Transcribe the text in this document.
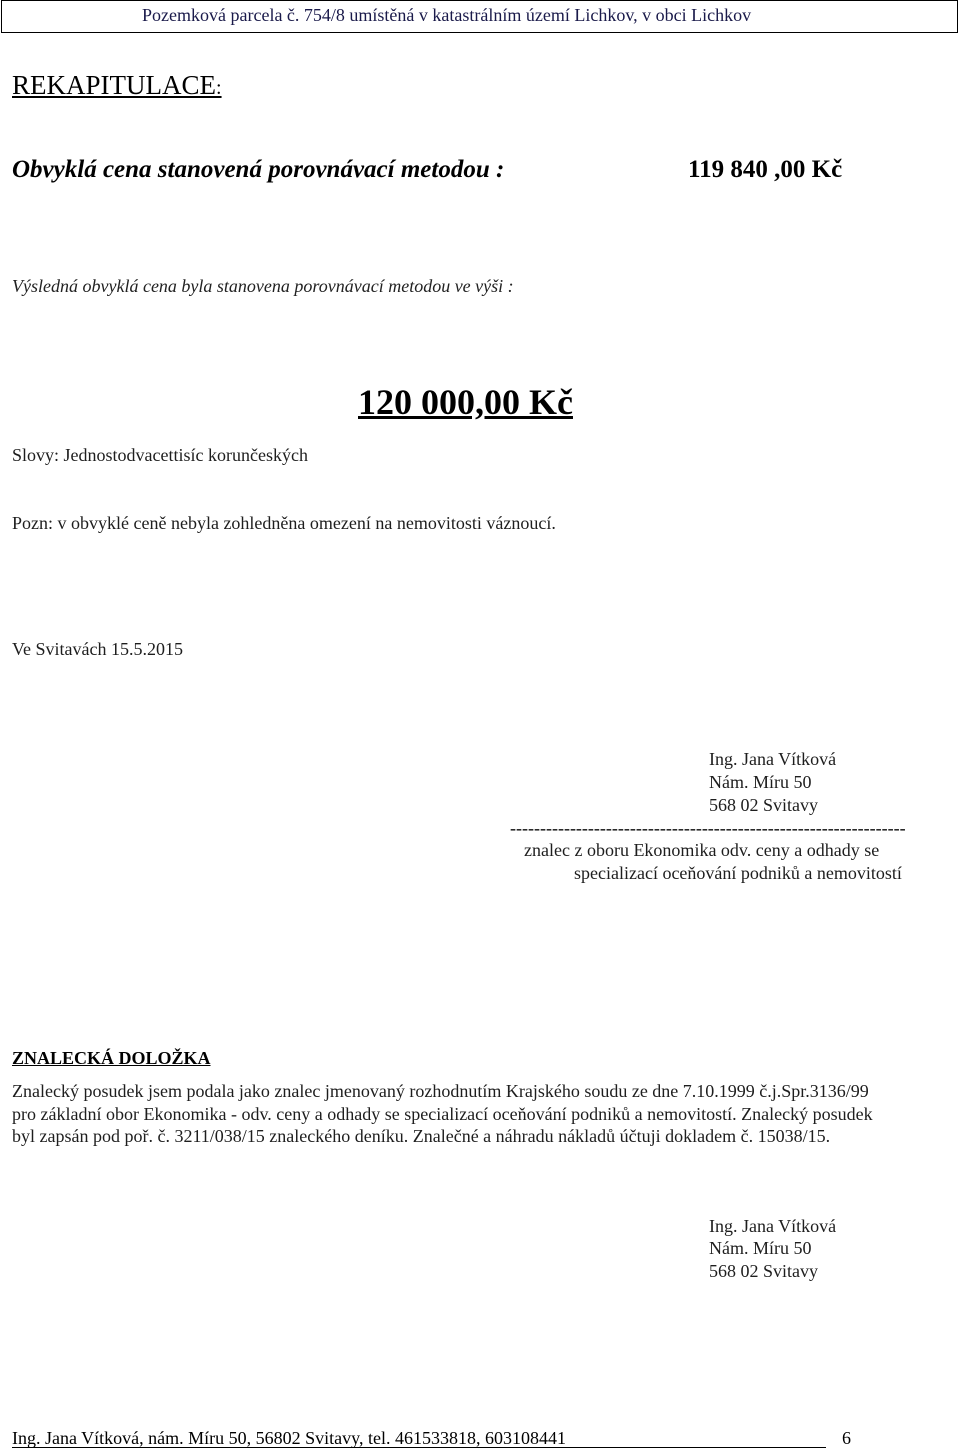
Pozemková parcela č. 754/8 umístěná v katastrálním území Lichkov, v obci Lichkov
REKAPITULACE:
Obvyklá cena stanovená porovnávací metodou :	119 840 ,00 Kč
Výsledná obvyklá cena byla stanovena porovnávací metodou ve výši :
120 000,00 Kč
Slovy: Jednostodvacettisíc korunčeských
Pozn: v obvyklé ceně nebyla zohledněna omezení na nemovitosti váznoucí.
Ve Svitavách 15.5.2015
Ing. Jana Vítková
Nám. Míru 50
568 02 Svitavy
------------------------------------------------------------------
znalec z oboru Ekonomika odv. ceny a odhady se
specializací oceňování podniků a nemovitostí
ZNALECKÁ DOLOŽKA
Znalecký posudek jsem podala jako znalec jmenovaný rozhodnutím Krajského soudu ze dne 7.10.1999 č.j.Spr.3136/99
pro základní obor Ekonomika - odv. ceny a odhady se specializací oceňování podniků a nemovitostí. Znalecký posudek
byl zapsán pod poř. č. 3211/038/15 znaleckého deníku. Znalečné a náhradu nákladů účtuji dokladem č. 15038/15.
Ing. Jana Vítková
Nám. Míru 50
568 02 Svitavy
Ing. Jana Vítková, nám. Míru 50, 56802 Svitavy, tel. 461533818, 603108441	6
